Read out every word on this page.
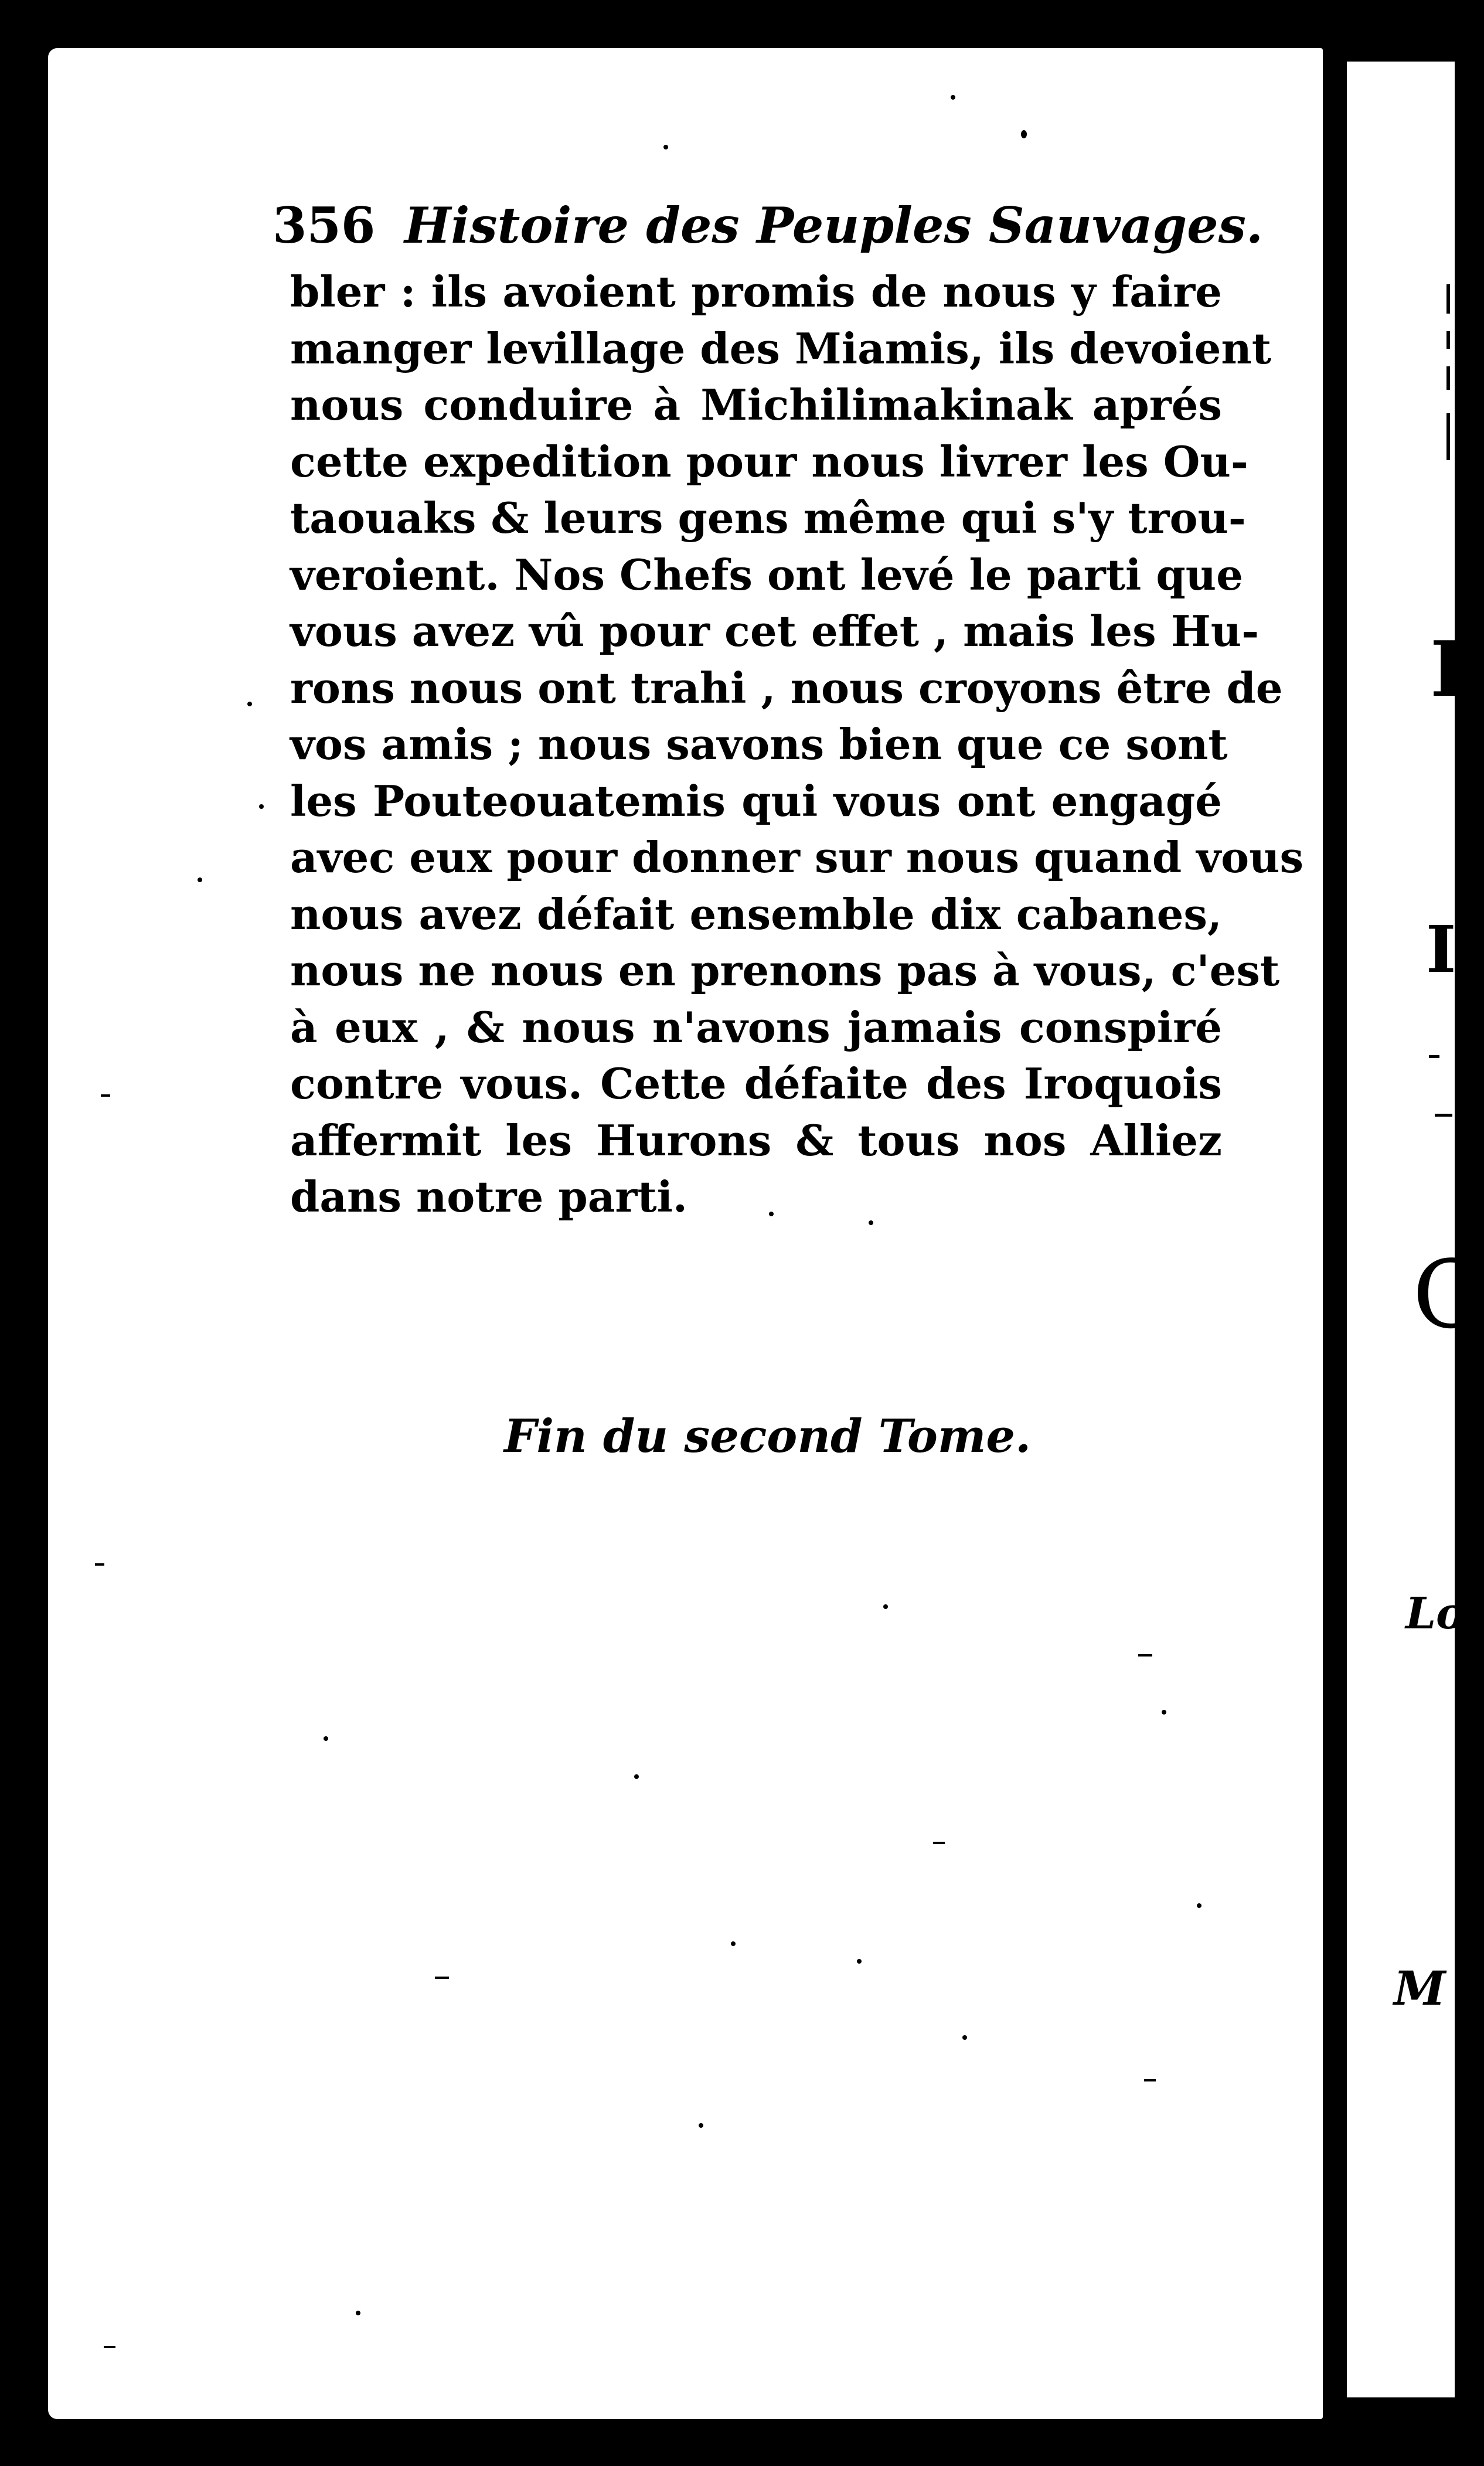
356 Histoire des Peuples Sauvages.
bler : ils avoient promis de nous y faire
manger levillage des Miamis, ils devoient
nous conduire à Michilimakinak aprés
cette expedition pour nous livrer les Ou-
taouaks & leurs gens même qui s'y trou-
veroient. Nos Chefs ont levé le parti que
vous avez vû pour cet effet , mais les Hu-
rons nous ont trahi , nous croyons être de
vos amis ; nous savons bien que ce sont
les Pouteouatemis qui vous ont engagé
avec eux pour donner sur nous quand vous
nous avez défait ensemble dix cabanes,
nous ne nous en prenons pas à vous, c'est
à eux , & nous n'avons jamais conspiré
contre vous. Cette défaite des Iroquois
affermit les Hurons & tous nos Alliez
dans notre parti.
Fin du second Tome.
I
I
C
Lo
M
